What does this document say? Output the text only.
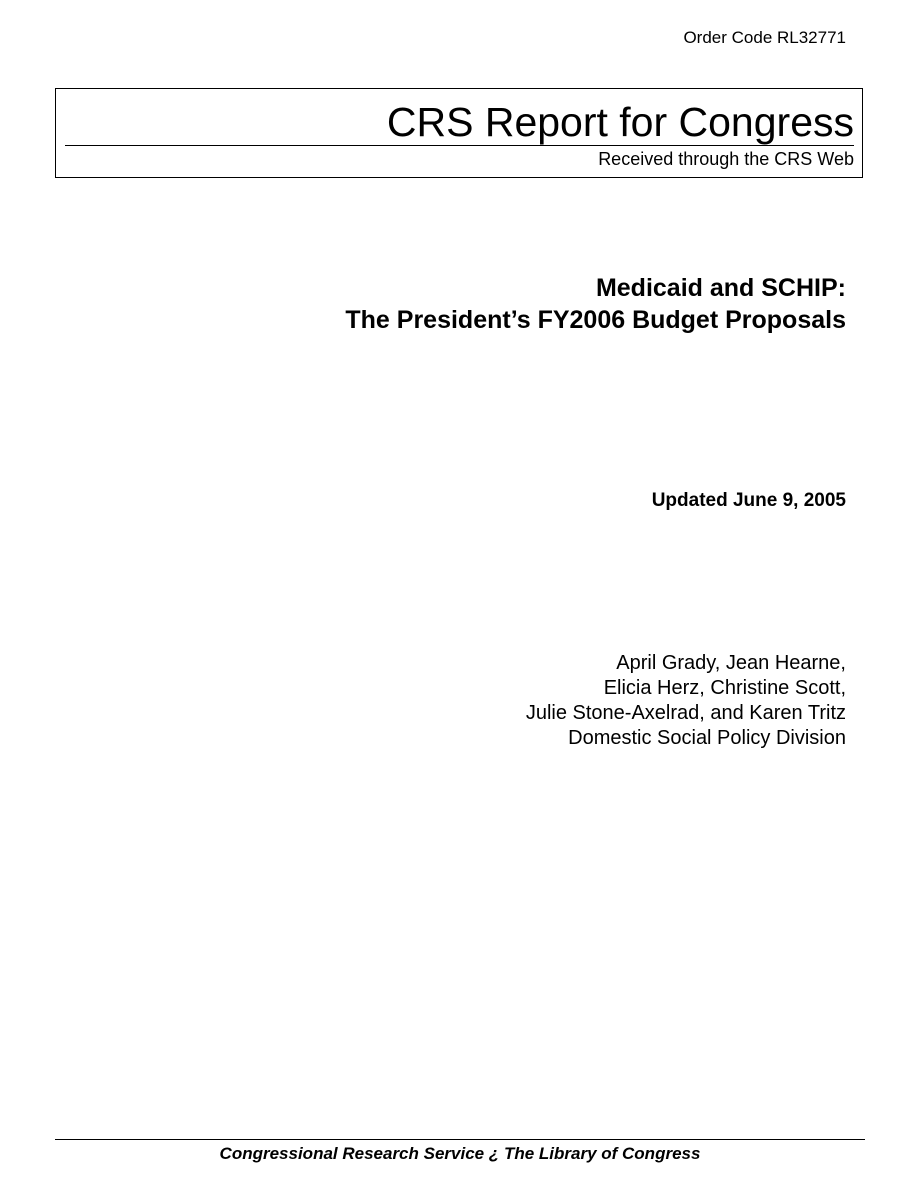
Order Code RL32771
CRS Report for Congress
Received through the CRS Web
Medicaid and SCHIP:
The President’s FY2006 Budget Proposals
Updated June 9, 2005
April Grady, Jean Hearne,
Elicia Herz, Christine Scott,
Julie Stone-Axelrad, and Karen Tritz
Domestic Social Policy Division
Congressional Research Service ¿ The Library of Congress
